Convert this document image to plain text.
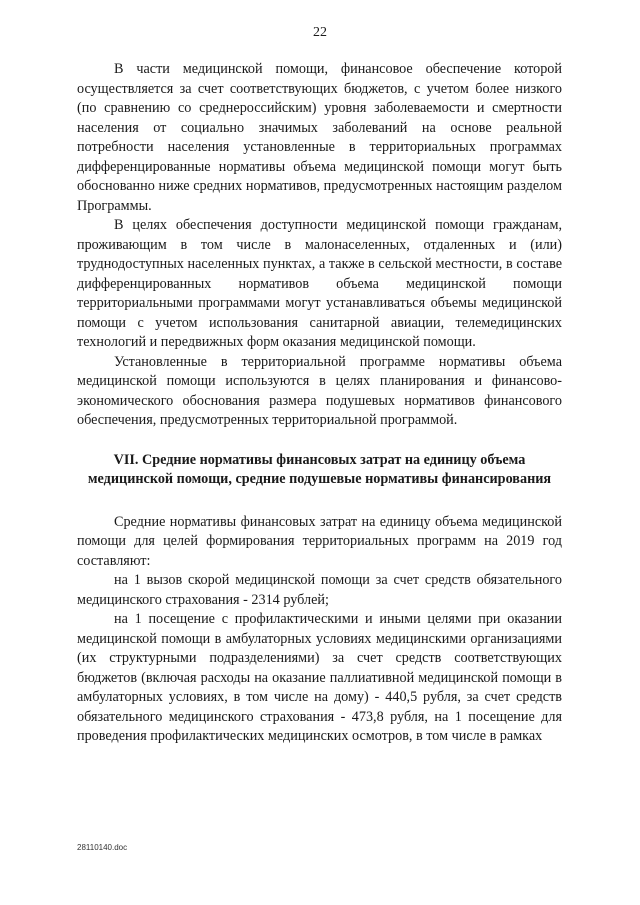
22

В части медицинской помощи, финансовое обеспечение которой осуществляется за счет соответствующих бюджетов, с учетом более низкого (по сравнению со среднероссийским) уровня заболеваемости и смертности населения от социально значимых заболеваний на основе реальной потребности населения установленные в территориальных программах дифференцированные нормативы объема медицинской помощи могут быть обоснованно ниже средних нормативов, предусмотренных настоящим разделом Программы.

В целях обеспечения доступности медицинской помощи гражданам, проживающим в том числе в малонаселенных, отдаленных и (или) труднодоступных населенных пунктах, а также в сельской местности, в составе дифференцированных нормативов объема медицинской помощи территориальными программами могут устанавливаться объемы медицинской помощи с учетом использования санитарной авиации, телемедицинских технологий и передвижных форм оказания медицинской помощи.

Установленные в территориальной программе нормативы объема медицинской помощи используются в целях планирования и финансово-экономического обоснования размера подушевых нормативов финансового обеспечения, предусмотренных территориальной программой.

VII. Средние нормативы финансовых затрат на единицу объема медицинской помощи, средние подушевые нормативы финансирования

Средние нормативы финансовых затрат на единицу объема медицинской помощи для целей формирования территориальных программ на 2019 год составляют:

на 1 вызов скорой медицинской помощи за счет средств обязательного медицинского страхования - 2314 рублей;

на 1 посещение с профилактическими и иными целями при оказании медицинской помощи в амбулаторных условиях медицинскими организациями (их структурными подразделениями) за счет средств соответствующих бюджетов (включая расходы на оказание паллиативной медицинской помощи в амбулаторных условиях, в том числе на дому) - 440,5 рубля, за счет средств обязательного медицинского страхования - 473,8 рубля, на 1 посещение для проведения профилактических медицинских осмотров, в том числе в рамках

28110140.doc
